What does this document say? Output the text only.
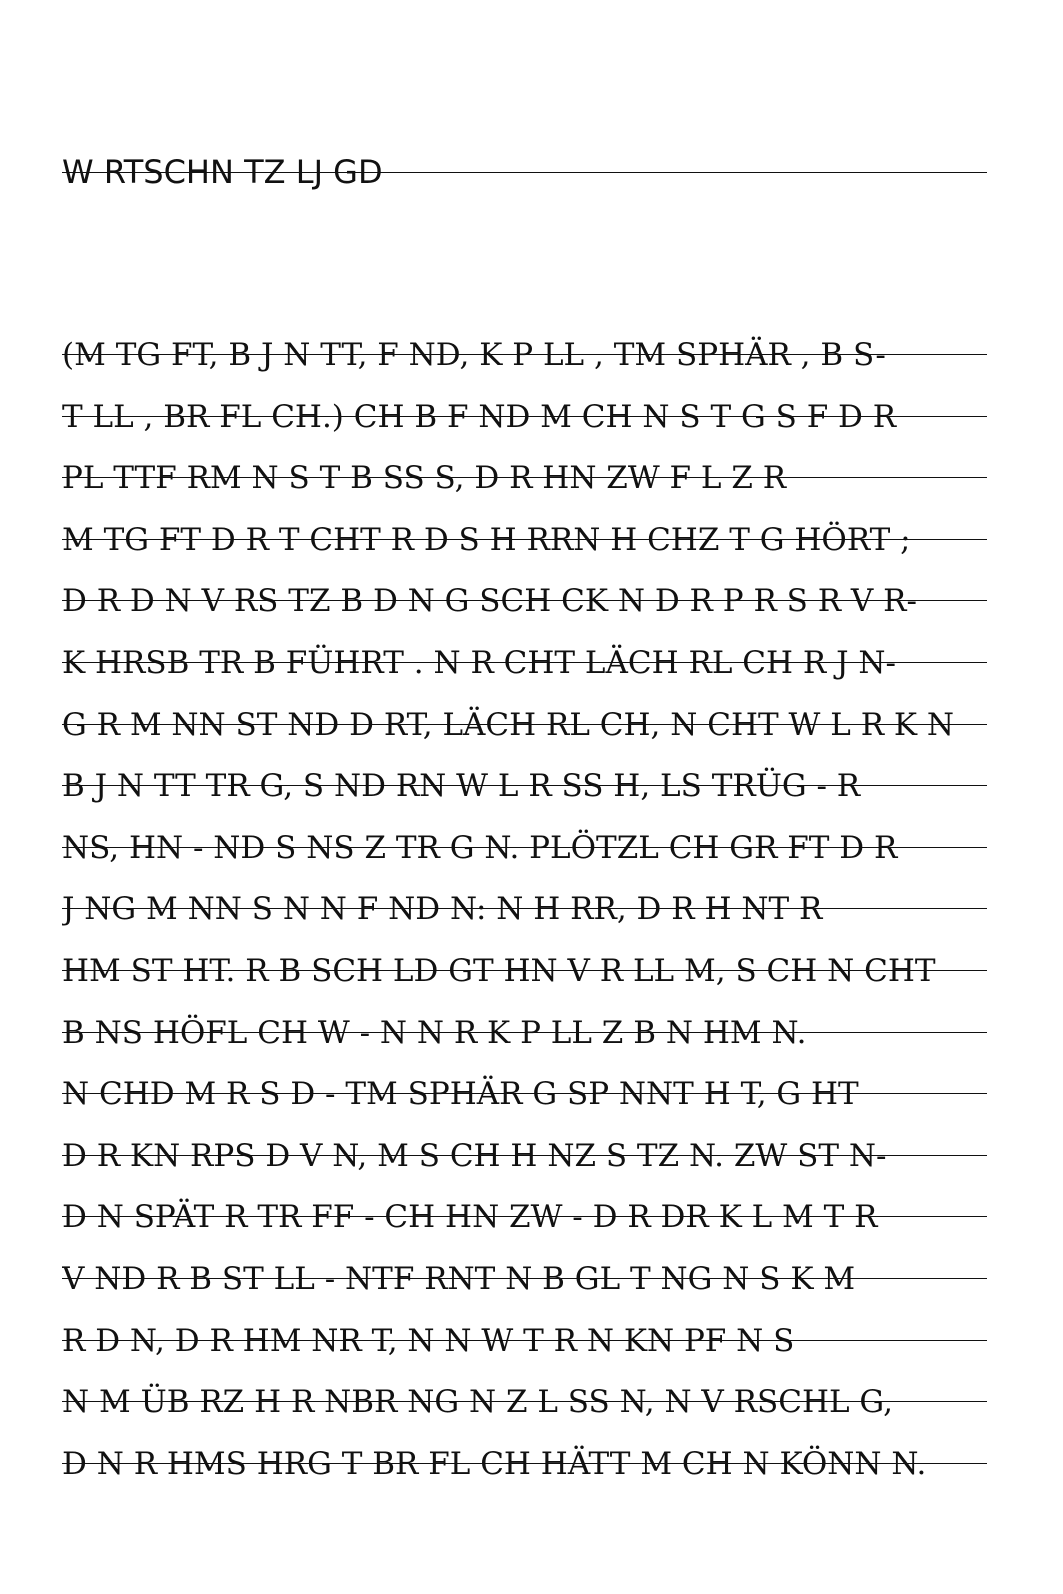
W RTSCHN TZ LJ GD
(M TG FT, B J N TT, F ND, K P LL , TM SPHÄR , B S-
T LL , BR FL CH.) CH B F ND M CH N S T G S F D R
PL TTF RM N S T B SS S, D R HN ZW F L Z R
M TG FT D R T CHT R D S H RRN H CHZ T G HÖRT ;
D R D N V RS TZ B D N G SCH CK N D R P R S R V R-
K HRSB TR B FÜHRT . N R CHT LÄCH RL CH R J N-
G R M NN ST ND D RT, LÄCH RL CH, N CHT W L R K N
B J N TT TR G, S ND RN W L R SS H, LS TRÜG - R
NS, HN - ND S NS Z TR G N. PLÖTZL CH GR FT D R
J NG M NN S N N F ND N: N H RR, D R H NT R
HM ST HT. R B SCH LD GT HN V R LL M, S CH N CHT
B NS HÖFL CH W - N N R K P LL Z B N HM N.
N CHD M R S D - TM SPHÄR G SP NNT H T, G HT
D R KN RPS D V N, M S CH H NZ S TZ N. ZW ST N-
D N SPÄT R TR FF - CH HN ZW - D R DR K L M T R
V ND R B ST LL - NTF RNT N B GL T NG N S K M
R D N, D R HM NR T, N N W T R N KN PF N S
N M ÜB RZ H R NBR NG N Z L SS N, N V RSCHL G,
D N R HMS HRG T BR FL CH HÄTT M CH N KÖNN N.
